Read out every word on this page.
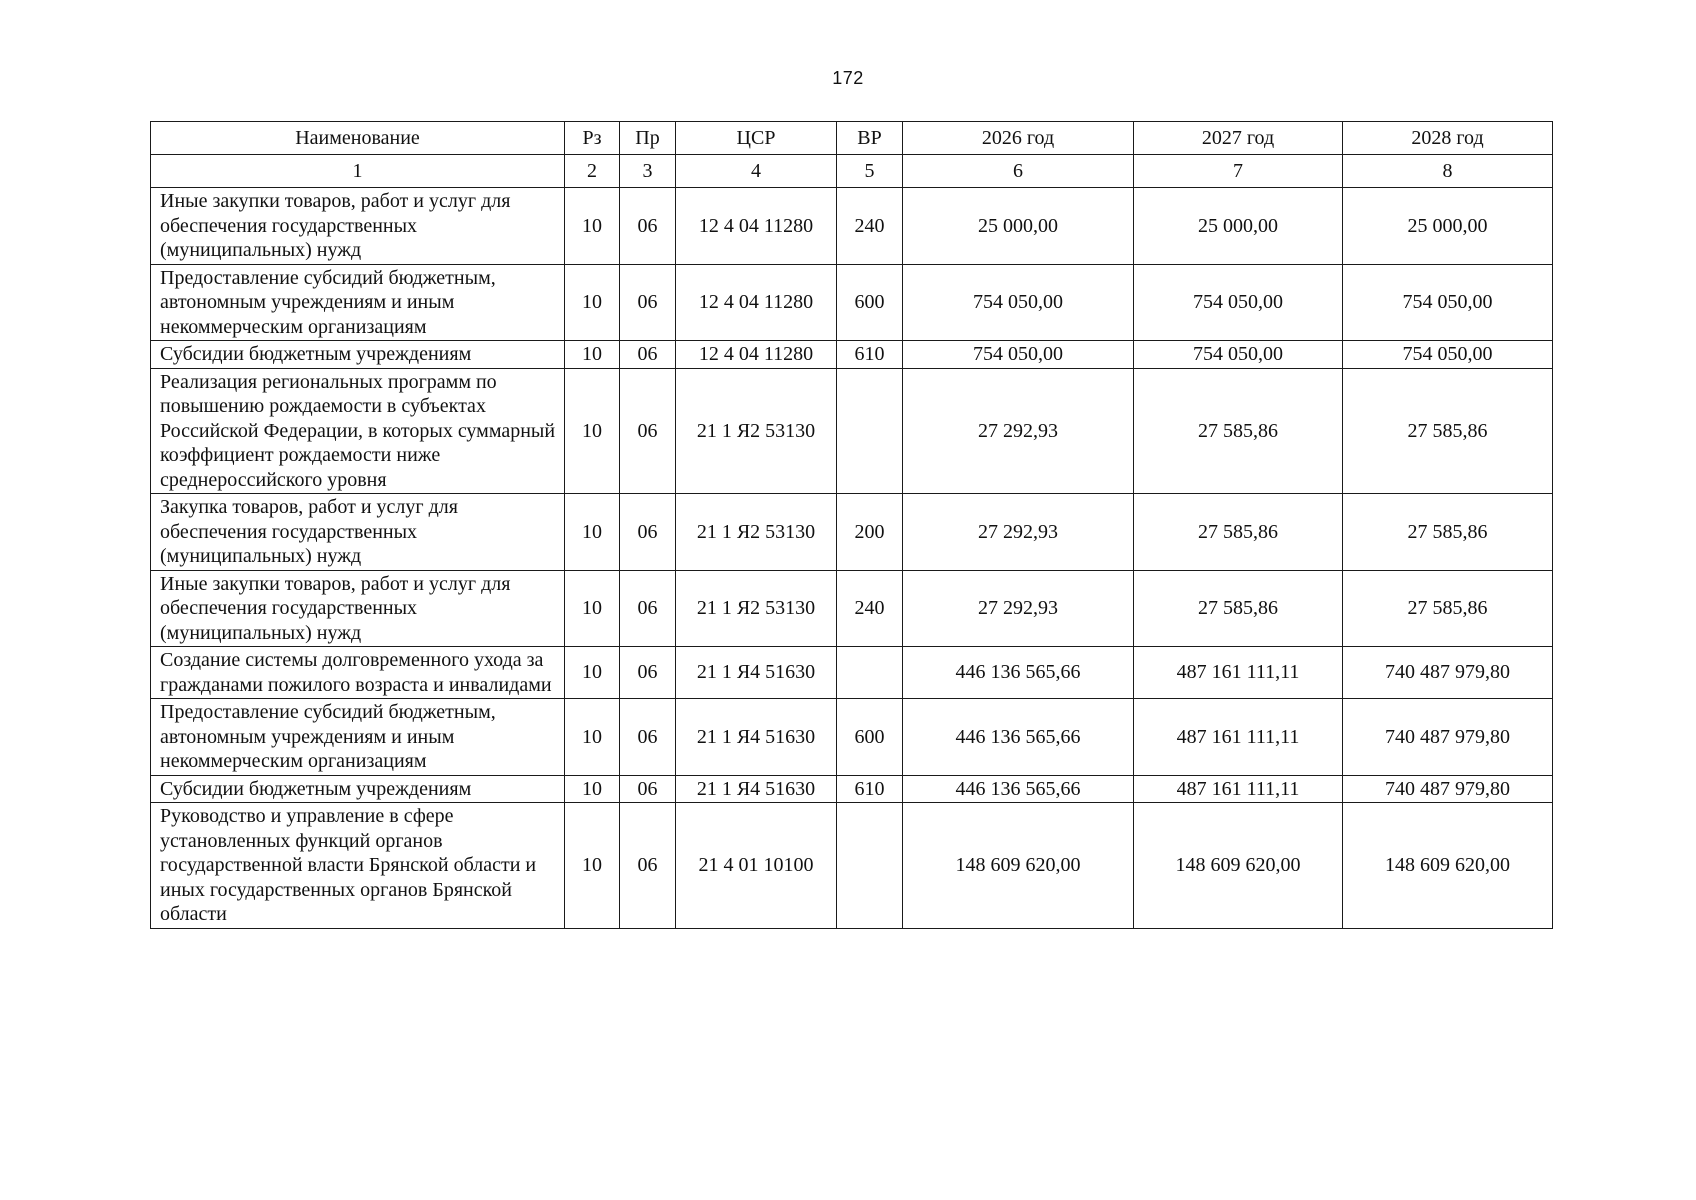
172
Наименование	Рз	Пр	ЦСР	ВР	2026 год	2027 год	2028 год
1	2	3	4	5	6	7	8
Иные закупки товаров, работ и услуг для обеспечения государственных (муниципальных) нужд	10	06	12 4 04 11280	240	25 000,00	25 000,00	25 000,00
Предоставление субсидий бюджетным, автономным учреждениям и иным некоммерческим организациям	10	06	12 4 04 11280	600	754 050,00	754 050,00	754 050,00
Субсидии бюджетным учреждениям	10	06	12 4 04 11280	610	754 050,00	754 050,00	754 050,00
Реализация региональных программ по повышению рождаемости в субъектах Российской Федерации, в которых суммарный коэффициент рождаемости ниже среднероссийского уровня	10	06	21 1 Я2 53130		27 292,93	27 585,86	27 585,86
Закупка товаров, работ и услуг для обеспечения государственных (муниципальных) нужд	10	06	21 1 Я2 53130	200	27 292,93	27 585,86	27 585,86
Иные закупки товаров, работ и услуг для обеспечения государственных (муниципальных) нужд	10	06	21 1 Я2 53130	240	27 292,93	27 585,86	27 585,86
Создание системы долговременного ухода за гражданами пожилого возраста и инвалидами	10	06	21 1 Я4 51630		446 136 565,66	487 161 111,11	740 487 979,80
Предоставление субсидий бюджетным, автономным учреждениям и иным некоммерческим организациям	10	06	21 1 Я4 51630	600	446 136 565,66	487 161 111,11	740 487 979,80
Субсидии бюджетным учреждениям	10	06	21 1 Я4 51630	610	446 136 565,66	487 161 111,11	740 487 979,80
Руководство и управление в сфере установленных функций органов государственной власти Брянской области и иных государственных органов Брянской области	10	06	21 4 01 10100		148 609 620,00	148 609 620,00	148 609 620,00
